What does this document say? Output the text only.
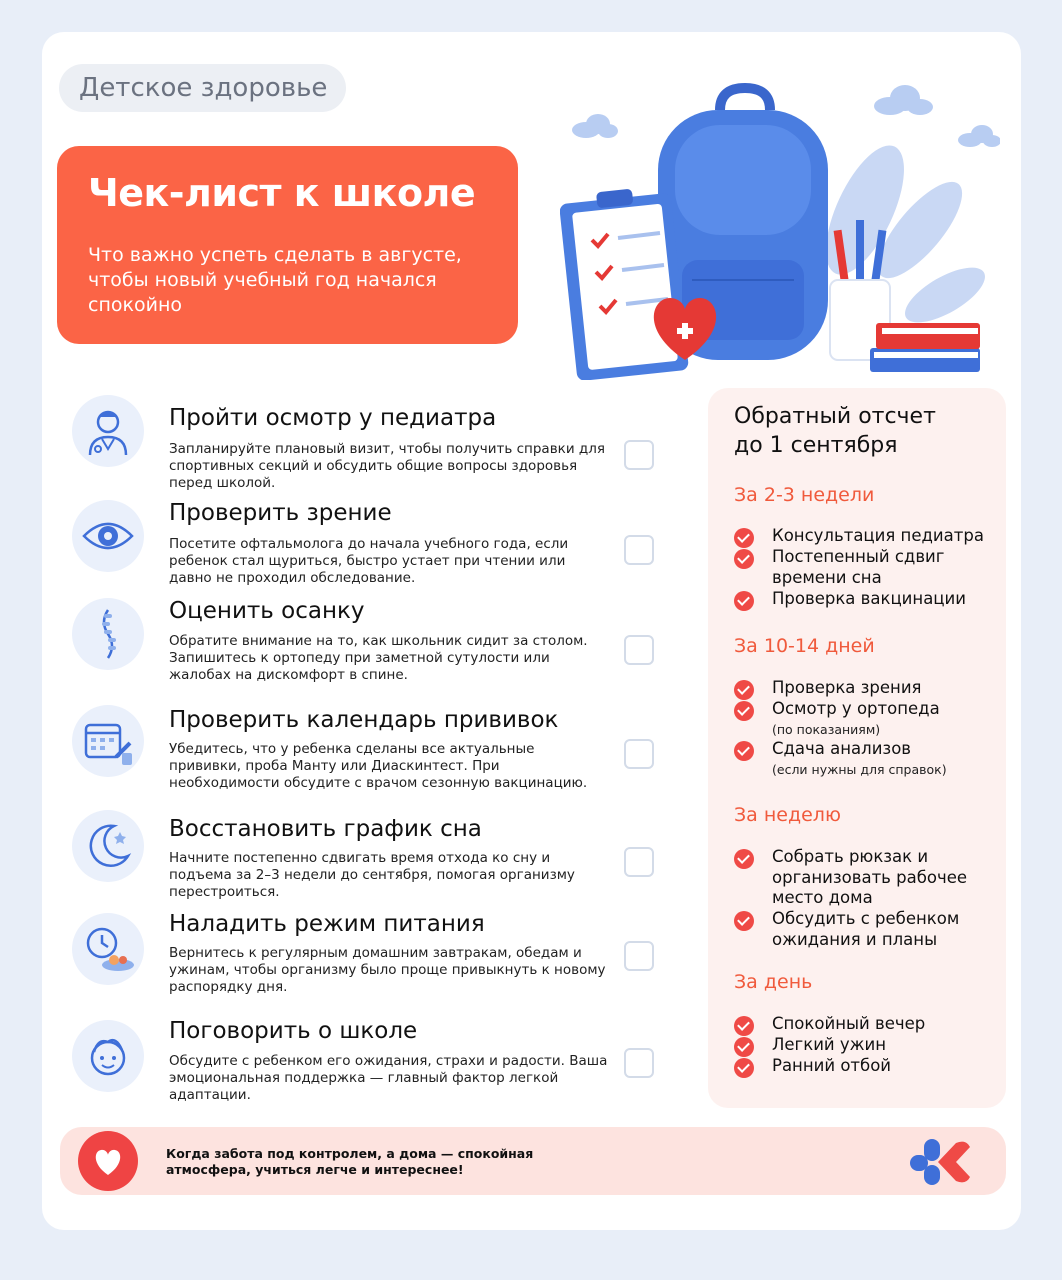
Детское здоровье
Чек-лист к школе
Что важно успеть сделать в августе, чтобы новый учебный год начался спокойно
Пройти осмотр у педиатра
Запланируйте плановый визит, чтобы получить справки для спортивных секций и обсудить общие вопросы здоровья перед школой.
Проверить зрение
Посетите офтальмолога до начала учебного года, если ребенок стал щуриться, быстро устает при чтении или давно не проходил обследование.
Оценить осанку
Обратите внимание на то, как школьник сидит за столом. Запишитесь к ортопеду при заметной сутулости или жалобах на дискомфорт в спине.
Проверить календарь прививок
Убедитесь, что у ребенка сделаны все актуальные прививки, проба Манту или Диаскинтест. При необходимости обсудите с врачом сезонную вакцинацию.
Восстановить график сна
Начните постепенно сдвигать время отхода ко сну и подъема за 2–3 недели до сентября, помогая организму перестроиться.
Наладить режим питания
Вернитесь к регулярным домашним завтракам, обедам и ужинам, чтобы организму было проще привыкнуть к новому распорядку дня.
Поговорить о школе
Обсудите с ребенком его ожидания, страхи и радости. Ваша эмоциональная поддержка — главный фактор легкой адаптации.
Обратный отсчет
до 1 сентября
За 2-3 недели
Консультация педиатра
Постепенный сдвиг времени сна
Проверка вакцинации
За 10-14 дней
Проверка зрения
Осмотр у ортопеда
(по показаниям)
Сдача анализов
(если нужны для справок)
За неделю
Собрать рюкзак и организовать рабочее место дома
Обсудить с ребенком ожидания и планы
За день
Спокойный вечер
Легкий ужин
Ранний отбой
Когда забота под контролем, а дома — спокойная атмосфера, учиться легче и интереснее!
